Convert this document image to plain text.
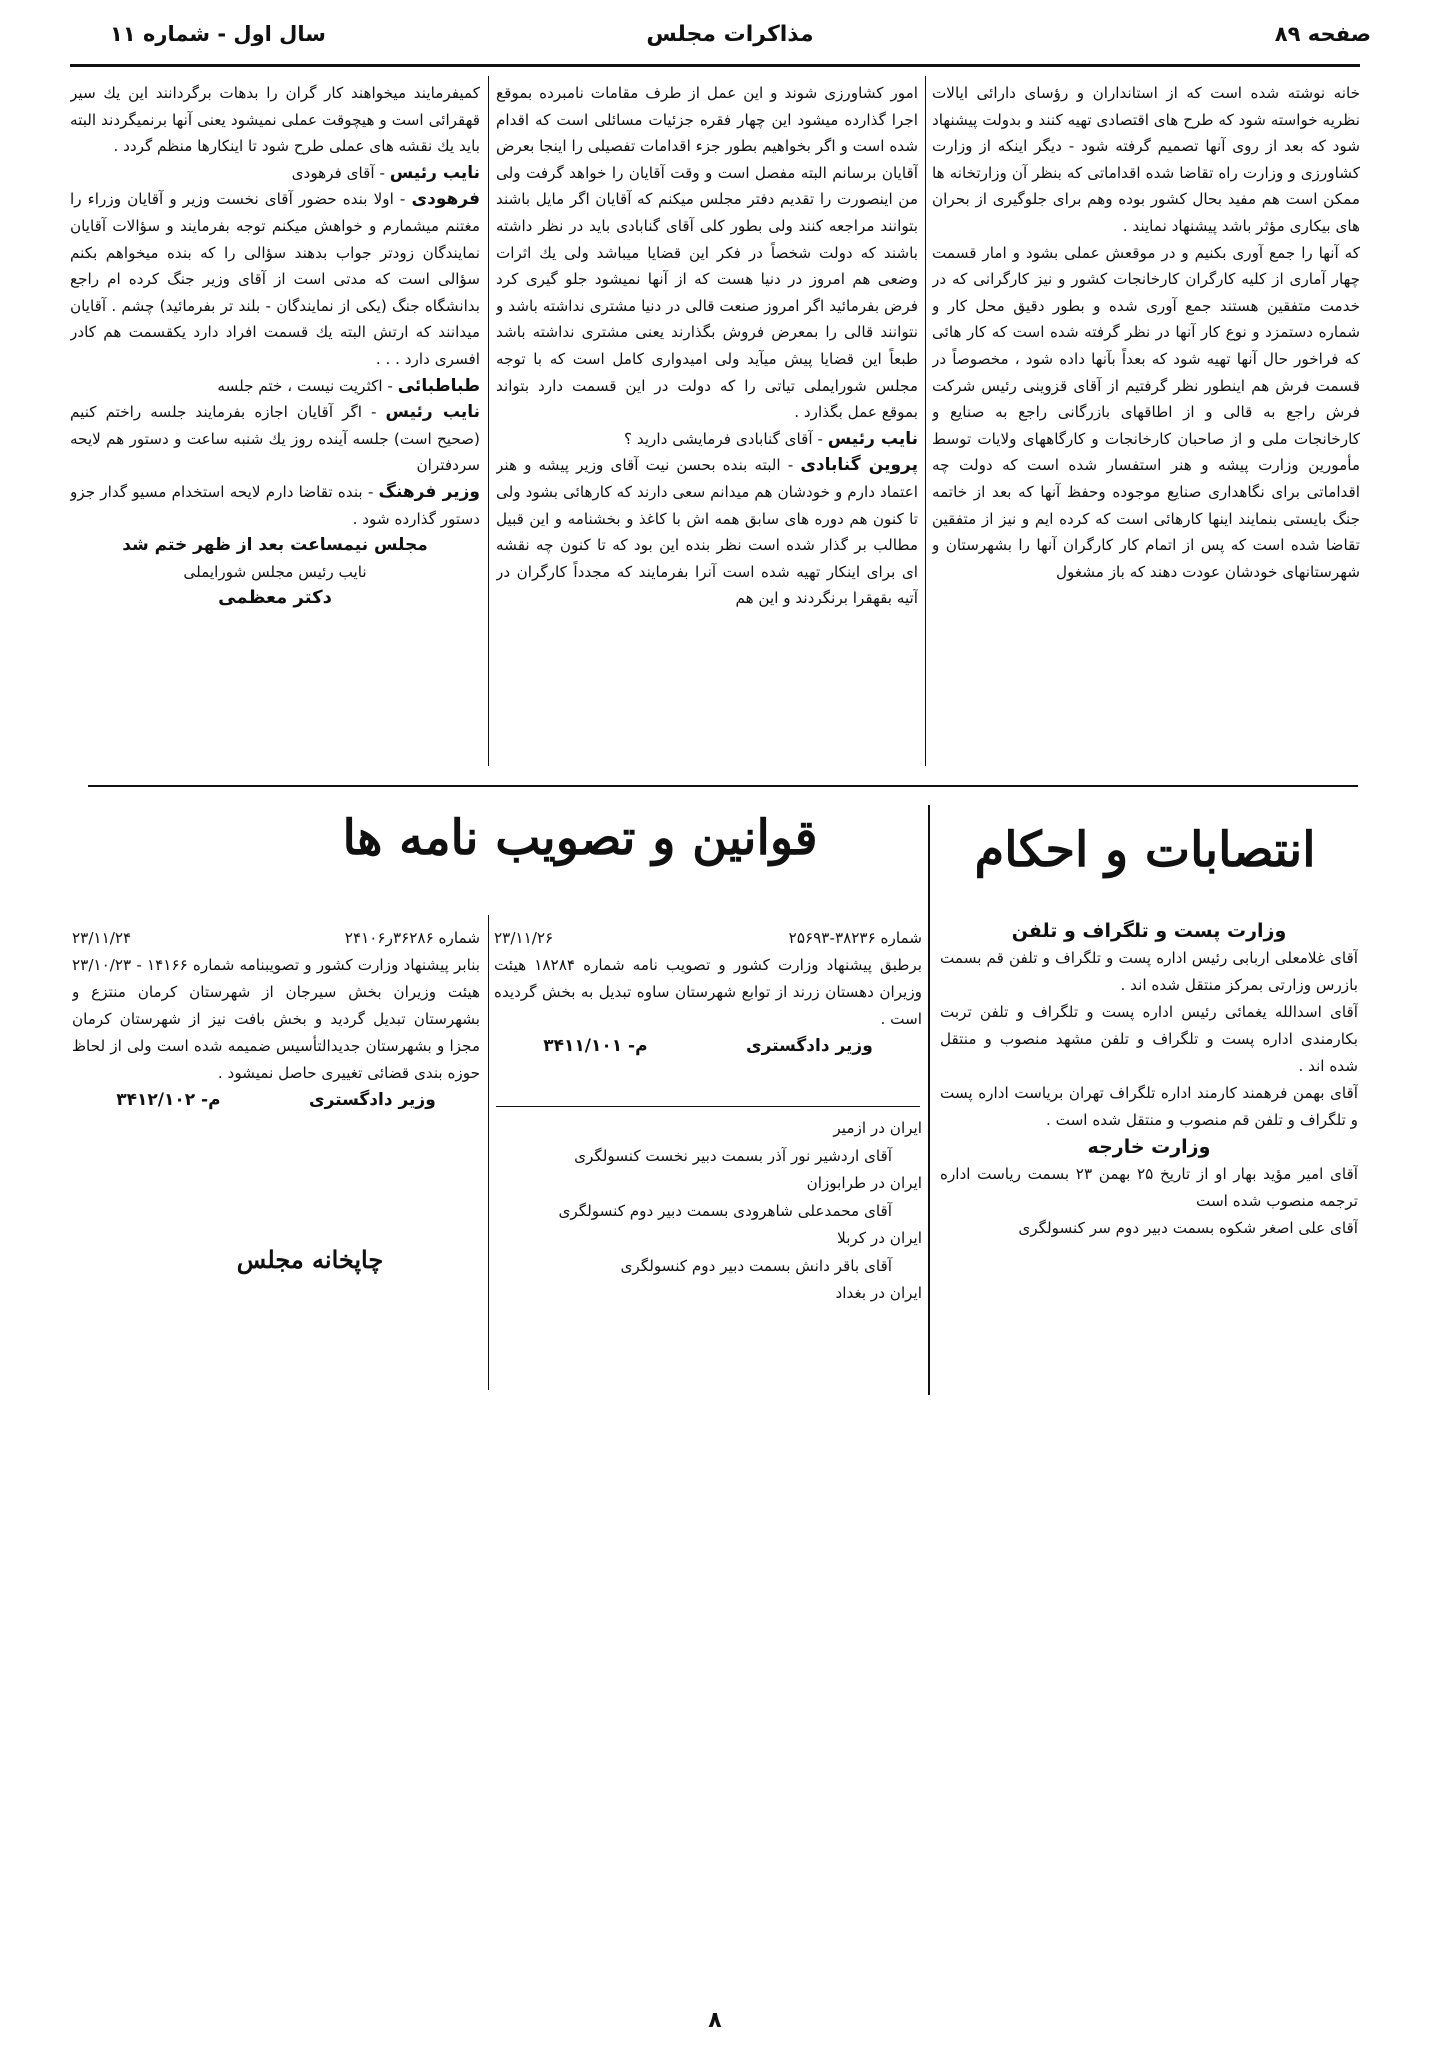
صفحه ۸۹
مذاکرات مجلس
سال اول - شماره ۱۱

خانه نوشته شده است که از استانداران و رؤسای دارائی ایالات نظریه خواسته شود که طرح های اقتصادی تهیه کنند و بدولت پیشنهاد شود که بعد از روی آنها تصمیم گرفته شود - دیگر اینکه از وزارت کشاورزی و وزارت راه تقاضا شده اقداماتی که بنظر آن وزارتخانه ها ممکن است هم مفید بحال کشور بوده وهم برای جلوگیری از بحران های بیکاری مؤثر باشد پیشنهاد نمایند .

که آنها را جمع آوری بکنیم و در موقعش عملی بشود و امار قسمت چهار آماری از کلیه کارگران کارخانجات کشور و نیز کارگرانی که در خدمت متفقین هستند جمع آوری شده و بطور دقیق محل کار و شماره دستمزد و نوع کار آنها در نظر گرفته شده است که کار هائی که فراخور حال آنها تهیه شود که بعداً بآنها داده شود ، مخصوصاً در قسمت فرش هم اینطور نظر گرفتیم از آقای قزوینی رئیس شرکت فرش راجع به قالی و از اطاقهای بازرگانی راجع به صنایع و کارخانجات ملی و از صاحبان کارخانجات و کارگاههای ولایات توسط مأمورین وزارت پیشه و هنر استفسار شده است که دولت چه اقداماتی برای نگاهداری صنایع موجوده وحفظ آنها که بعد از خاتمه جنگ بایستی بنمایند اینها کارهائی است که کرده ایم و نیز از متفقین تقاضا شده است که پس از اتمام کار کارگران آنها را بشهرستان و شهرستانهای خودشان عودت دهند که باز مشغول

امور کشاورزی شوند و این عمل از طرف مقامات نامبرده بموقع اجرا گذارده میشود این چهار فقره جزئیات مسائلی است که اقدام شده است و اگر بخواهیم بطور جزء اقدامات تفصیلی را اینجا بعرض آقایان برسانم البته مفصل است و وقت آقایان را خواهد گرفت ولی من اینصورت را تقدیم دفتر مجلس میکنم که آقایان اگر مایل باشند بتوانند مراجعه کنند ولی بطور کلی آقای گنابادی باید در نظر داشته باشند که دولت شخصاً در فکر این قضایا میباشد ولی یك اثرات وضعی هم امروز در دنیا هست که از آنها نمیشود جلو گیری کرد فرض بفرمائید اگر امروز صنعت قالی در دنیا مشتری نداشته باشد و نتوانند قالی را بمعرض فروش بگذارند یعنی مشتری نداشته باشد طبعاً این قضایا پیش میآید ولی امیدواری کامل است که با توجه مجلس شورایملی تیاتی را که دولت در این قسمت دارد بتواند بموقع عمل بگذارد .

نایب رئیس - آقای گنابادی فرمایشی دارید ؟

پروین گنابادی - البته بنده بحسن نیت آقای وزیر پیشه و هنر اعتماد دارم و خودشان هم میدانم سعی دارند که کارهائی بشود ولی تا کنون هم دوره های سابق همه اش با کاغذ و بخشنامه و این قبیل مطالب بر گذار شده است نظر بنده این بود که تا کنون چه نقشه ای برای اینکار تهیه شده است آنرا بفرمایند که مجدداً کارگران در آتیه بقهقرا برنگردند و این هم

کمیفرمایند میخواهند کار گران را بدهات برگردانند این یك سیر قهقرائی است و هیچوقت عملی نمیشود یعنی آنها برنمیگردند البته باید یك نقشه های عملی طرح شود تا اینکارها منظم گردد .

نایب رئیس - آقای فرهودی

فرهودی - اولا بنده حضور آقای نخست وزیر و آقایان وزراء را مغتنم میشمارم و خواهش میکنم توجه بفرمایند و سؤالات آقایان نمایندگان زودتر جواب بدهند سؤالی را که بنده میخواهم بکنم سؤالی است که مدتی است از آقای وزیر جنگ کرده ام راجع بدانشگاه جنگ (یکی از نمایندگان - بلند تر بفرمائید) چشم . آقایان میدانند که ارتش البته یك قسمت افراد دارد یکقسمت هم کادر افسری دارد . . .

طباطبائی - اکثریت نیست ، ختم جلسه

نایب رئیس - اگر آقایان اجازه بفرمایند جلسه راختم کنیم (صحیح است) جلسه آینده روز یك شنبه ساعت و دستور هم لایحه سردفتران

وزیر فرهنگ - بنده تقاضا دارم لایحه استخدام مسیو گدار جزو دستور گذارده شود .

مجلس نیمساعت بعد از ظهر ختم شد

نایب رئیس مجلس شورایملی

دکتر معظمی

انتصابات و احکام
قوانین و تصویب نامه ها

وزارت پست و تلگراف و تلفن

آقای غلامعلی اربابی رئیس اداره پست و تلگراف و تلفن قم بسمت بازرس وزارتی بمرکز منتقل شده اند .

آقای اسدالله یغمائی رئیس اداره پست و تلگراف و تلفن تربت بکارمندی اداره پست و تلگراف و تلفن مشهد منصوب و منتقل شده اند .

آقای بهمن فرهمند کارمند اداره تلگراف تهران بریاست اداره پست و تلگراف و تلفن قم منصوب و منتقل شده است .

وزارت خارجه

آقای امیر مؤید بهار او از تاریخ ۲۵ بهمن ۲۳ بسمت ریاست اداره ترجمه منصوب شده است

آقای علی اصغر شکوه بسمت دبیر دوم سر کنسولگری

شماره ۳۸۲۳۶-۲۵۶۹۳
۲۳/۱۱/۲۶

برطبق پیشنهاد وزارت کشور و تصویب نامه شماره ۱۸۲۸۴ هیئت وزیران دهستان زرند از توابع شهرستان ساوه تبدیل به بخش گردیده است .

وزیر دادگستری
م- ۳۴۱۱/۱۰۱

ایران در ازمیر

آقای اردشیر نور آذر بسمت دبیر نخست کنسولگری

ایران در طرابوزان

آقای محمدعلی شاهرودی بسمت دبیر دوم کنسولگری

ایران در کربلا

آقای باقر دانش بسمت دبیر دوم کنسولگری

ایران در بغداد

شماره ۳۶۲۸۶ر۲۴۱۰۶
۲۳/۱۱/۲۴

بنابر پیشنهاد وزارت کشور و تصویبنامه شماره ۱۴۱۶۶ - ۲۳/۱۰/۲۳ هیئت وزیران بخش سیرجان از شهرستان کرمان منتزع و بشهرستان تبدیل گردید و بخش بافت نیز از شهرستان کرمان مجزا و بشهرستان جدیدالتأسیس ضمیمه شده است ولی از لحاظ حوزه بندی قضائی تغییری حاصل نمیشود .

وزیر دادگستری
م- ۳۴۱۲/۱۰۲

چاپخانه مجلس
۸
